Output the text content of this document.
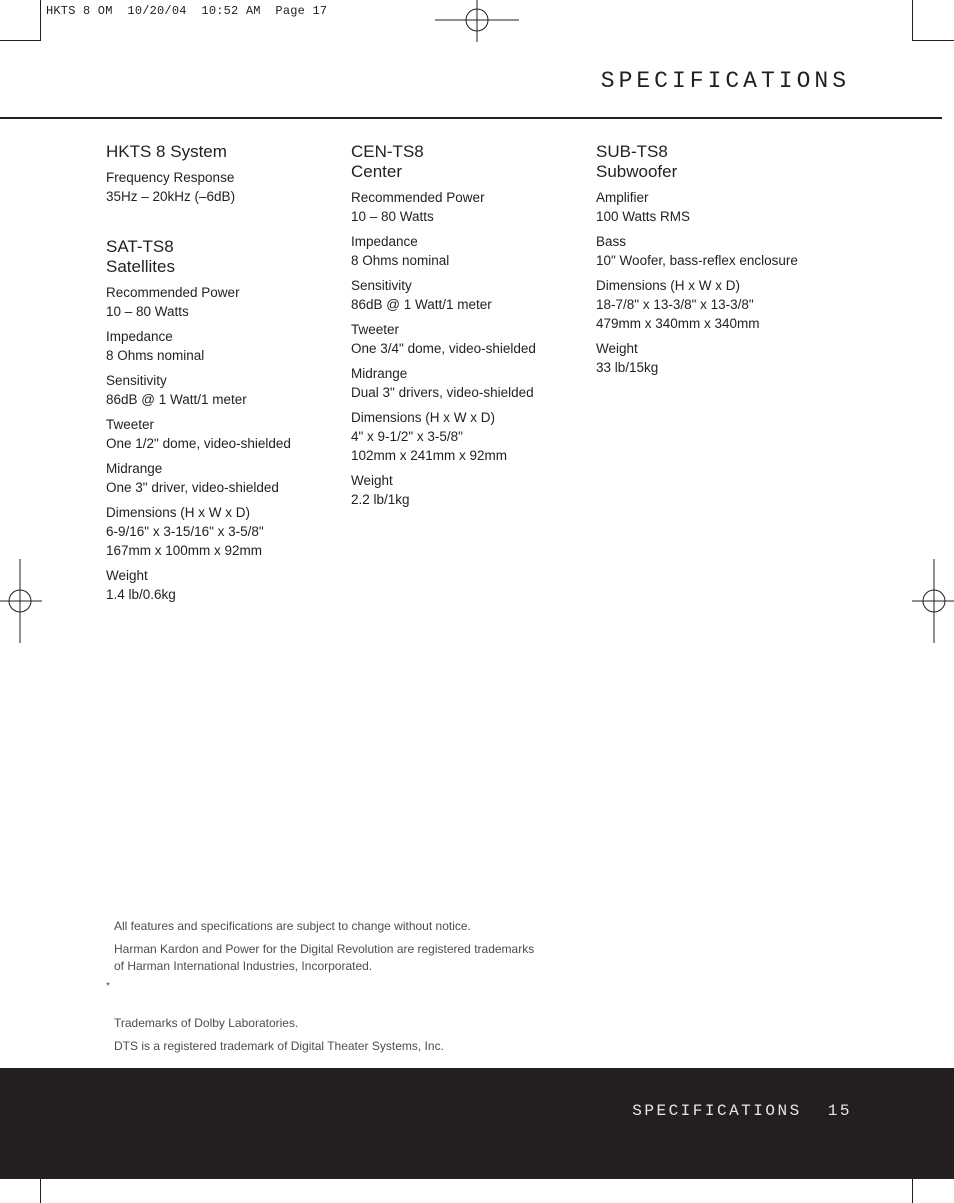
HKTS 8 OM  10/20/04  10:52 AM  Page 17
SPECIFICATIONS
HKTS 8 System
Frequency Response
35Hz – 20kHz (–6dB)
SAT-TS8
Satellites
Recommended Power
10 – 80 Watts
Impedance
8 Ohms nominal
Sensitivity
86dB @ 1 Watt/1 meter
Tweeter
One 1/2" dome, video-shielded
Midrange
One 3" driver, video-shielded
Dimensions (H x W x D)
6-9/16" x 3-15/16" x 3-5/8"
167mm x 100mm x 92mm
Weight
1.4 lb/0.6kg
CEN-TS8
Center
Recommended Power
10 – 80 Watts
Impedance
8 Ohms nominal
Sensitivity
86dB @ 1 Watt/1 meter
Tweeter
One 3/4" dome, video-shielded
Midrange
Dual 3" drivers, video-shielded
Dimensions (H x W x D)
4" x 9-1/2" x 3-5/8"
102mm x 241mm x 92mm
Weight
2.2 lb/1kg
SUB-TS8
Subwoofer
Amplifier
100 Watts RMS
Bass
10" Woofer, bass-reflex enclosure
Dimensions (H x W x D)
18-7/8" x 13-3/8" x 13-3/8"
479mm x 340mm x 340mm
Weight
33 lb/15kg

All features and specifications are subject to change without notice.

Harman Kardon and Power for the Digital Revolution are registered trademarks
of Harman International Industries, Incorporated.

*

Trademarks of Dolby Laboratories.

DTS is a registered trademark of Digital Theater Systems, Inc.

SPECIFICATIONS 15
